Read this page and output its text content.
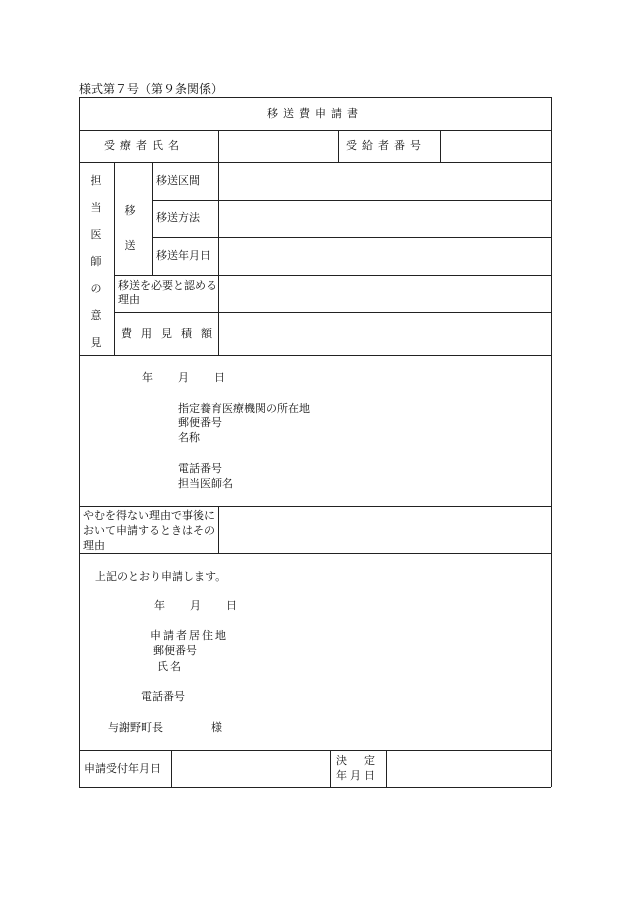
様式第７号（第９条関係）
移送費申請書
受療者氏名	受給者番号
担当医師の意見
移送
移送区間
移送方法
移送年月日
移送を必要と認める理由
費用見積額
年 月 日
指定養育医療機関の所在地
郵便番号
名称
電話番号
担当医師名
やむを得ない理由で事後において申請するときはその理由
上記のとおり申請します。
年 月 日
申請者居住地
郵便番号
氏名
電話番号
与謝野町長	様
申請受付年月日
決　定
年月日
